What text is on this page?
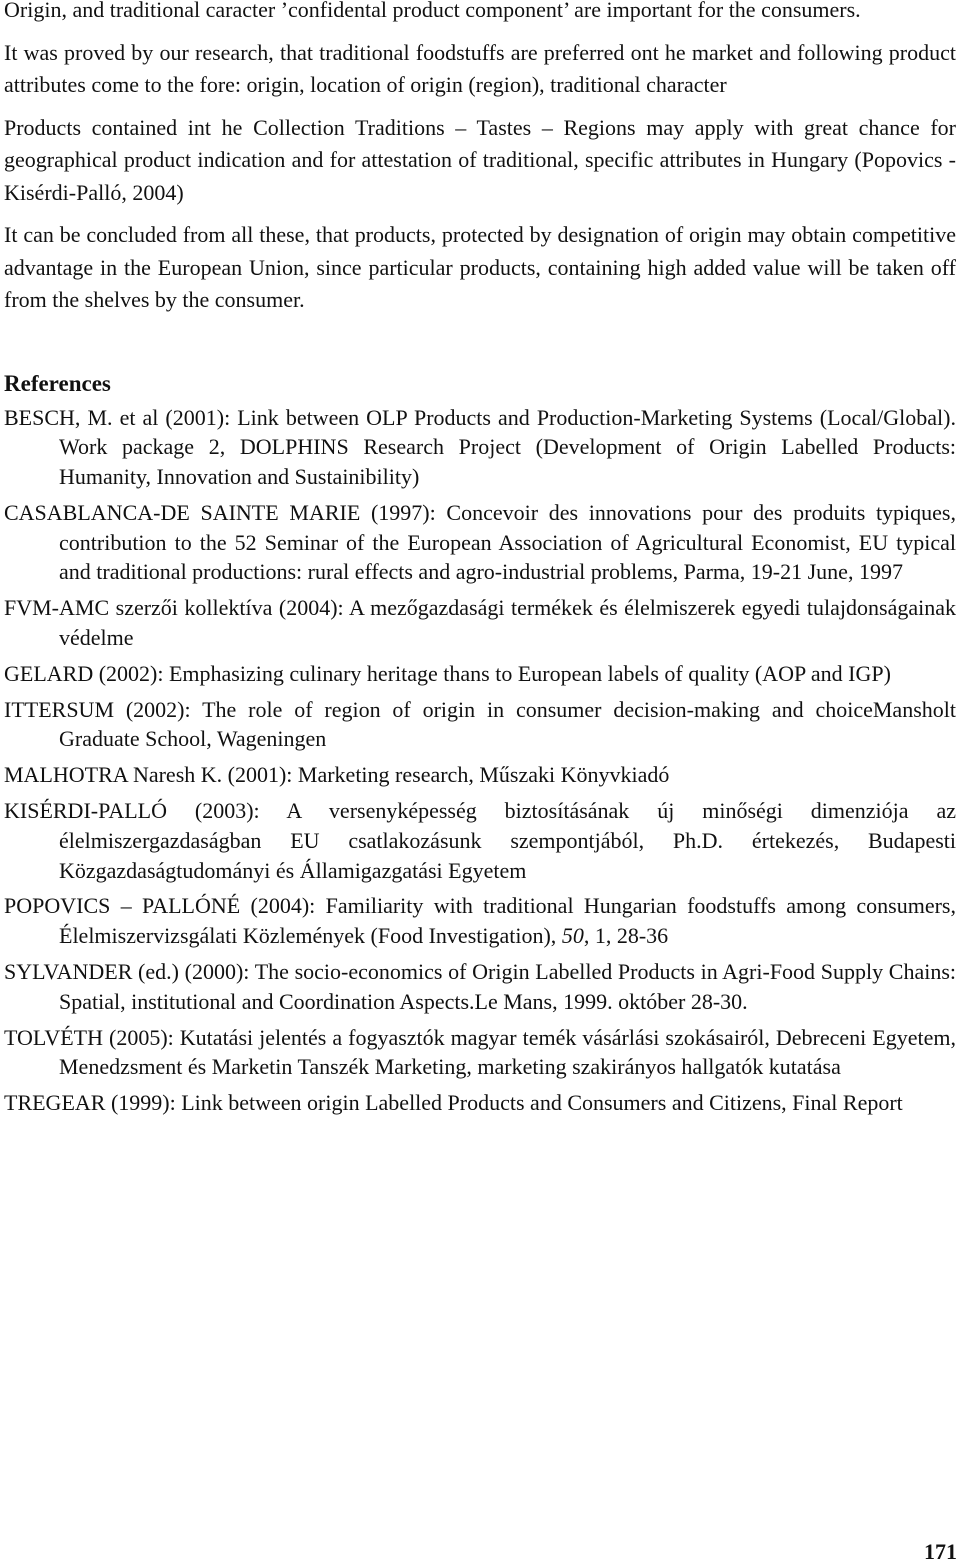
Origin, and traditional caracter ’confidental product component’ are important for the consumers.

It was proved by our research, that traditional foodstuffs are preferred ont he market and following product attributes come to the fore: origin, location of origin (region), traditional character

Products contained int he Collection Traditions – Tastes – Regions may apply with great chance for geographical product indication and for attestation of traditional, specific attributes in Hungary (Popovics - Kisérdi-Palló, 2004)

It can be concluded from all these, that products, protected by designation of origin may obtain competitive advantage in the European Union, since particular products, containing high added value will be taken off from the shelves by the consumer.

References

BESCH, M. et al (2001): Link between OLP Products and Production-Marketing Systems (Local/Global). Work package 2, DOLPHINS Research Project (Development of Origin Labelled Products: Humanity, Innovation and Sustainibility)

CASABLANCA-DE SAINTE MARIE (1997): Concevoir des innovations pour des produits typiques, contribution to the 52 Seminar of the European Association of Agricultural Economist, EU typical and traditional productions: rural effects and agro-industrial problems, Parma, 19-21 June, 1997

FVM-AMC szerzői kollektíva (2004): A mezőgazdasági termékek és élelmiszerek egyedi tulajdonságainak védelme

GELARD (2002): Emphasizing culinary heritage thans to European labels of quality (AOP and IGP)

ITTERSUM (2002): The role of region of origin in consumer decision-making and choiceMansholt Graduate School, Wageningen

MALHOTRA Naresh K. (2001): Marketing research, Műszaki Könyvkiadó

KISÉRDI-PALLÓ (2003): A versenyképesség biztosításának új minőségi dimenziója az élelmiszergazdaságban EU csatlakozásunk szempontjából, Ph.D. értekezés, Budapesti Közgazdaságtudományi és Államigazgatási Egyetem

POPOVICS – PALLÓNÉ (2004): Familiarity with traditional Hungarian foodstuffs among consumers, Élelmiszervizsgálati Közlemények (Food Investigation), 50, 1, 28-36

SYLVANDER (ed.) (2000): The socio-economics of Origin Labelled Products in Agri-Food Supply Chains: Spatial, institutional and Coordination Aspects.Le Mans, 1999. október 28-30.

TOLVÉTH (2005): Kutatási jelentés a fogyasztók magyar temék vásárlási szokásairól, Debreceni Egyetem, Menedzsment és Marketin Tanszék Marketing, marketing szakirányos hallgatók kutatása

TREGEAR (1999): Link between origin Labelled Products and Consumers and Citizens, Final Report

171
